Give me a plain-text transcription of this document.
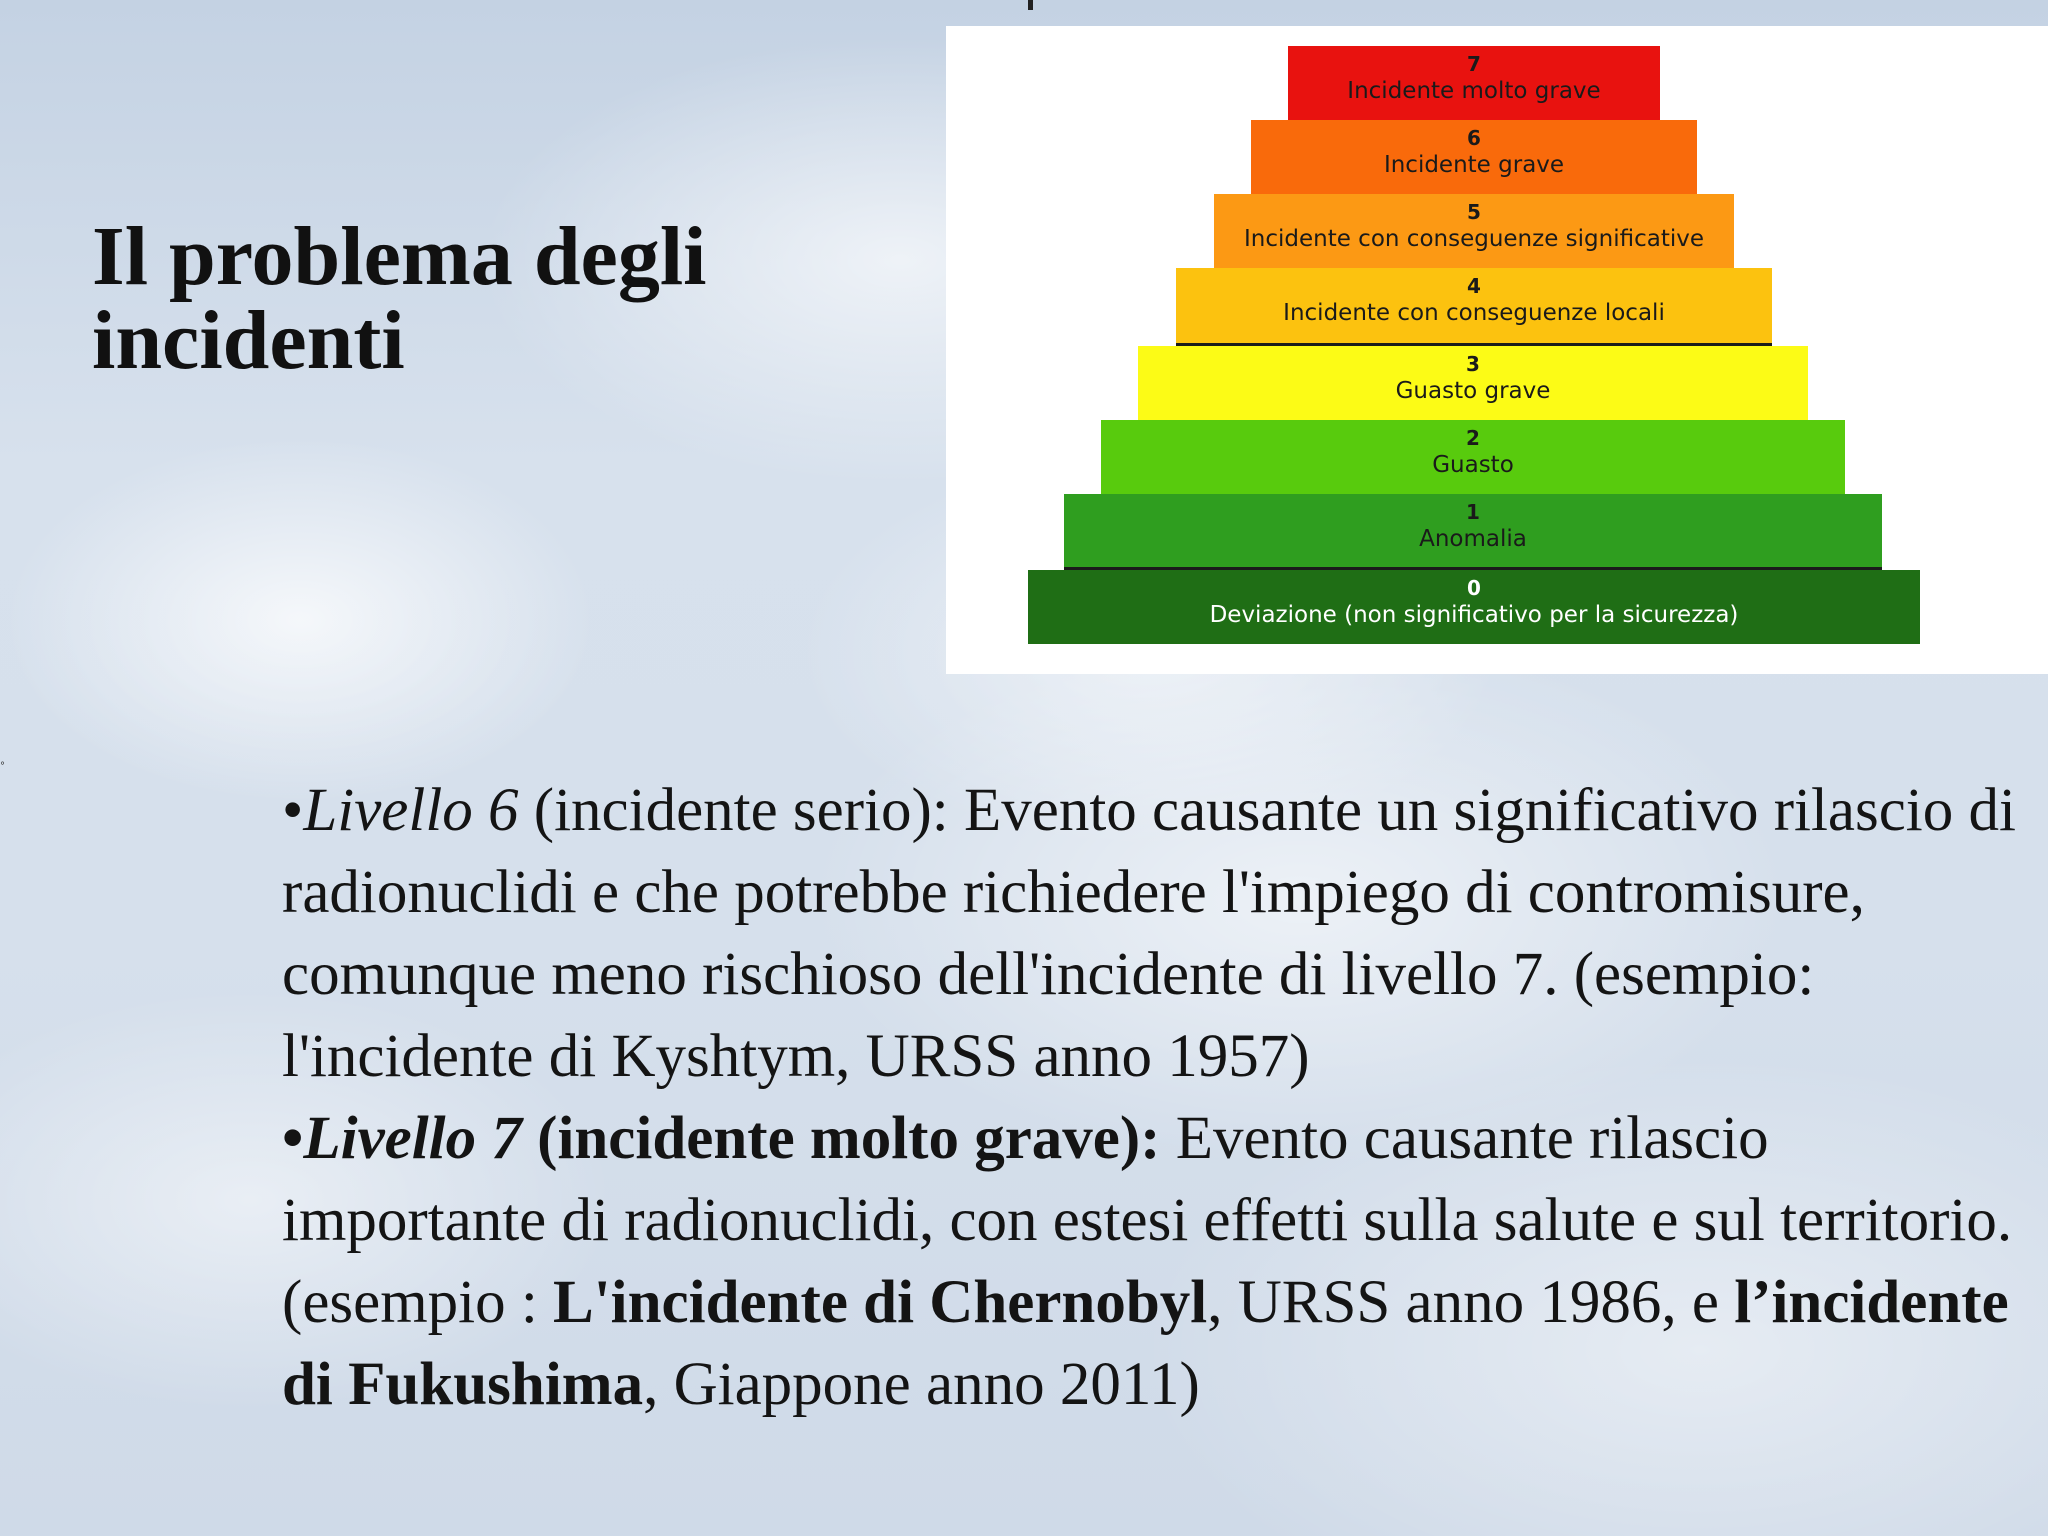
°
Il problema degli incidenti
7
Incidente molto grave
6
Incidente grave
5
Incidente con conseguenze significative
4
Incidente con conseguenze locali
3
Guasto grave
2
Guasto
1
Anomalia
0
Deviazione (non significativo per la sicurezza)

•Livello 6 (incidente serio): Evento causante un significativo rilascio di radionuclidi e che potrebbe richiedere l'impiego di contromisure, comunque meno rischioso dell'incidente di livello 7. (esempio: l'incidente di Kyshtym, URSS anno 1957)

•Livello 7 (incidente molto grave): Evento causante rilascio importante di radionuclidi, con estesi effetti sulla salute e sul territorio. (esempio : L'incidente di Chernobyl, URSS anno 1986, e l’incidente di Fukushima, Giappone anno 2011)
